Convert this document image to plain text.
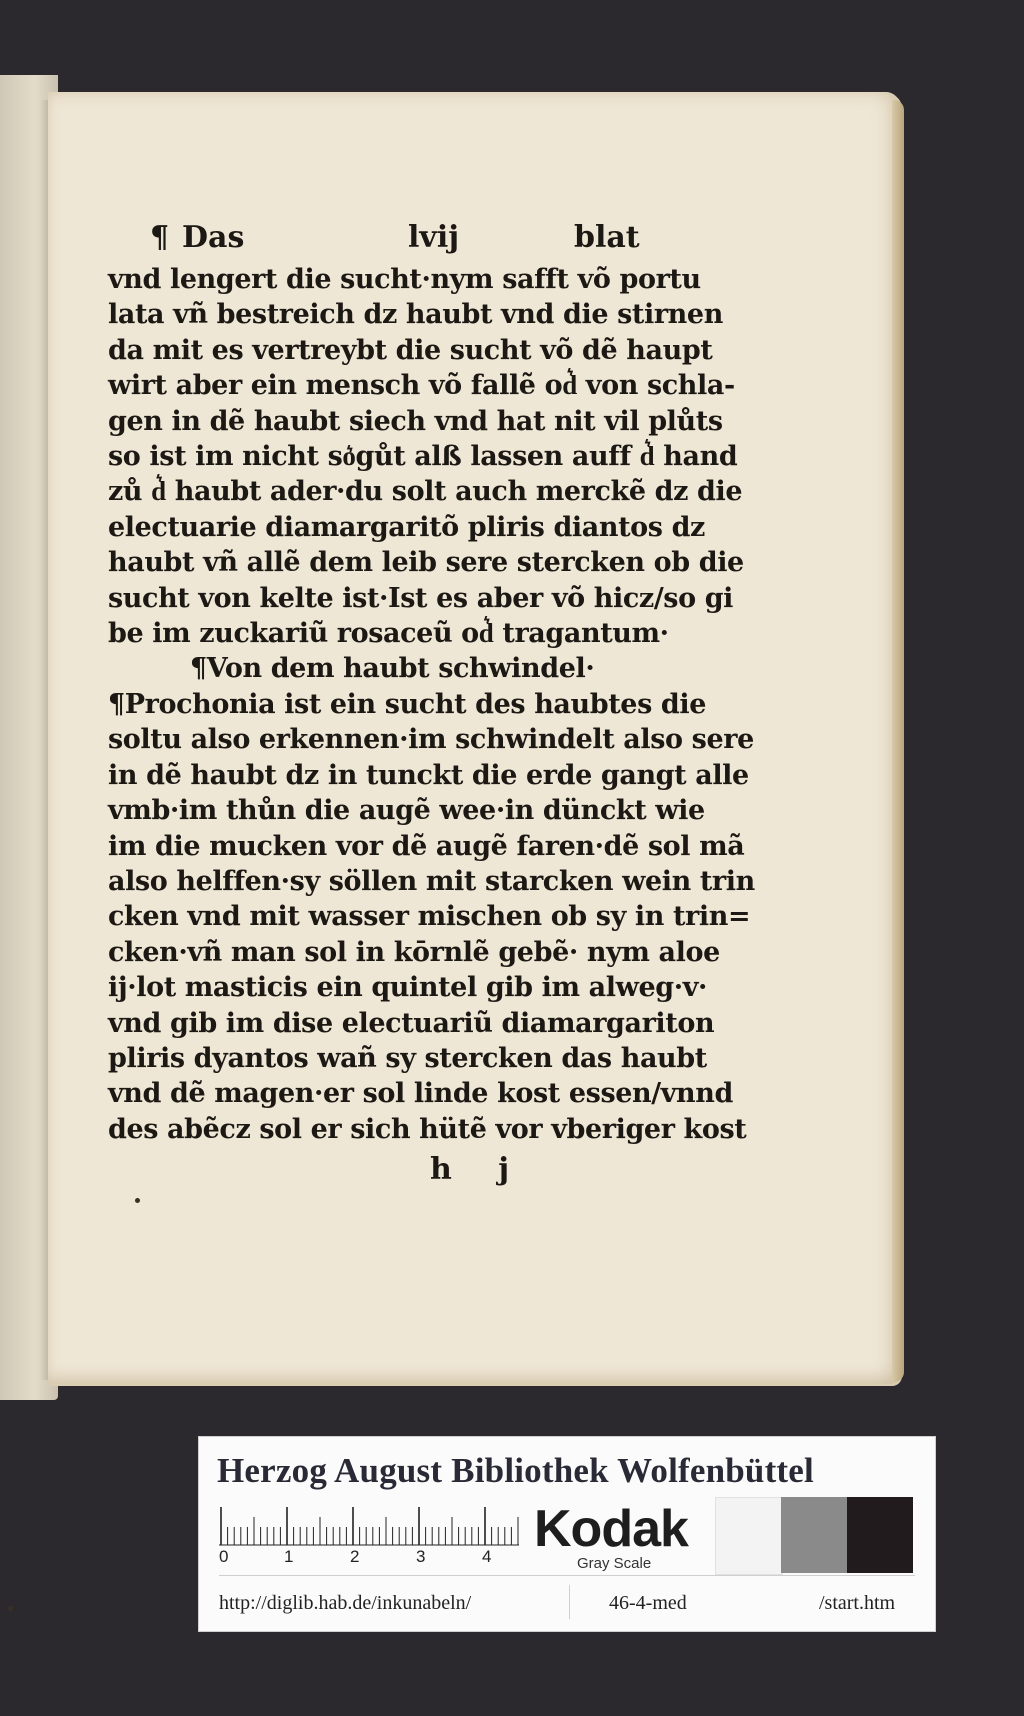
¶ Das	lvij	blat
vnd lengert die sucht·nym safft võ portu
lata vñ bestreich dz haubt vnd die stirnen
da mit es vertreybt die sucht võ dẽ haupt
wirt aber ein mensch võ fallẽ od͛ von schla-
gen in dẽ haubt siech vnd hat nit vil plůts
so ist im nicht so͛gůt alß lassen auff d͛ hand
zů d͛ haubt ader·du solt auch merckẽ dz die
electuarie diamargaritõ pliris diantos dz
haubt vñ allẽ dem leib sere stercken ob die
sucht von kelte ist·Ist es aber võ hicz/so gi
be im zuckariũ rosaceũ od͛ tragantum·
¶Von dem haubt schwindel·
¶Prochonia ist ein sucht des haubtes die
soltu also erkennen·im schwindelt also sere
in dẽ haubt dz in tunckt die erde gangt alle
vmb·im thůn die augẽ wee·in dünckt wie
im die mucken vor dẽ augẽ faren·dẽ sol mã
also helffen·sy söllen mit starcken wein trin
cken vnd mit wasser mischen ob sy in trin=
cken·vñ man sol in kōrnlẽ gebẽ· nym aloe
ij·lot masticis ein quintel gib im alweg·v·
vnd gib im dise electuariũ diamargariton
pliris dyantos wañ sy stercken das haubt
vnd dẽ magen·er sol linde kost essen/vnnd
des abẽcz sol er sich hütẽ vor vberiger kost
h j
Herzog August Bibliothek Wolfenbüttel
0	1	2	3	4 Kodak
Gray Scale
http://diglib.hab.de/inkunabeln/	46-4-med	/start.htm
